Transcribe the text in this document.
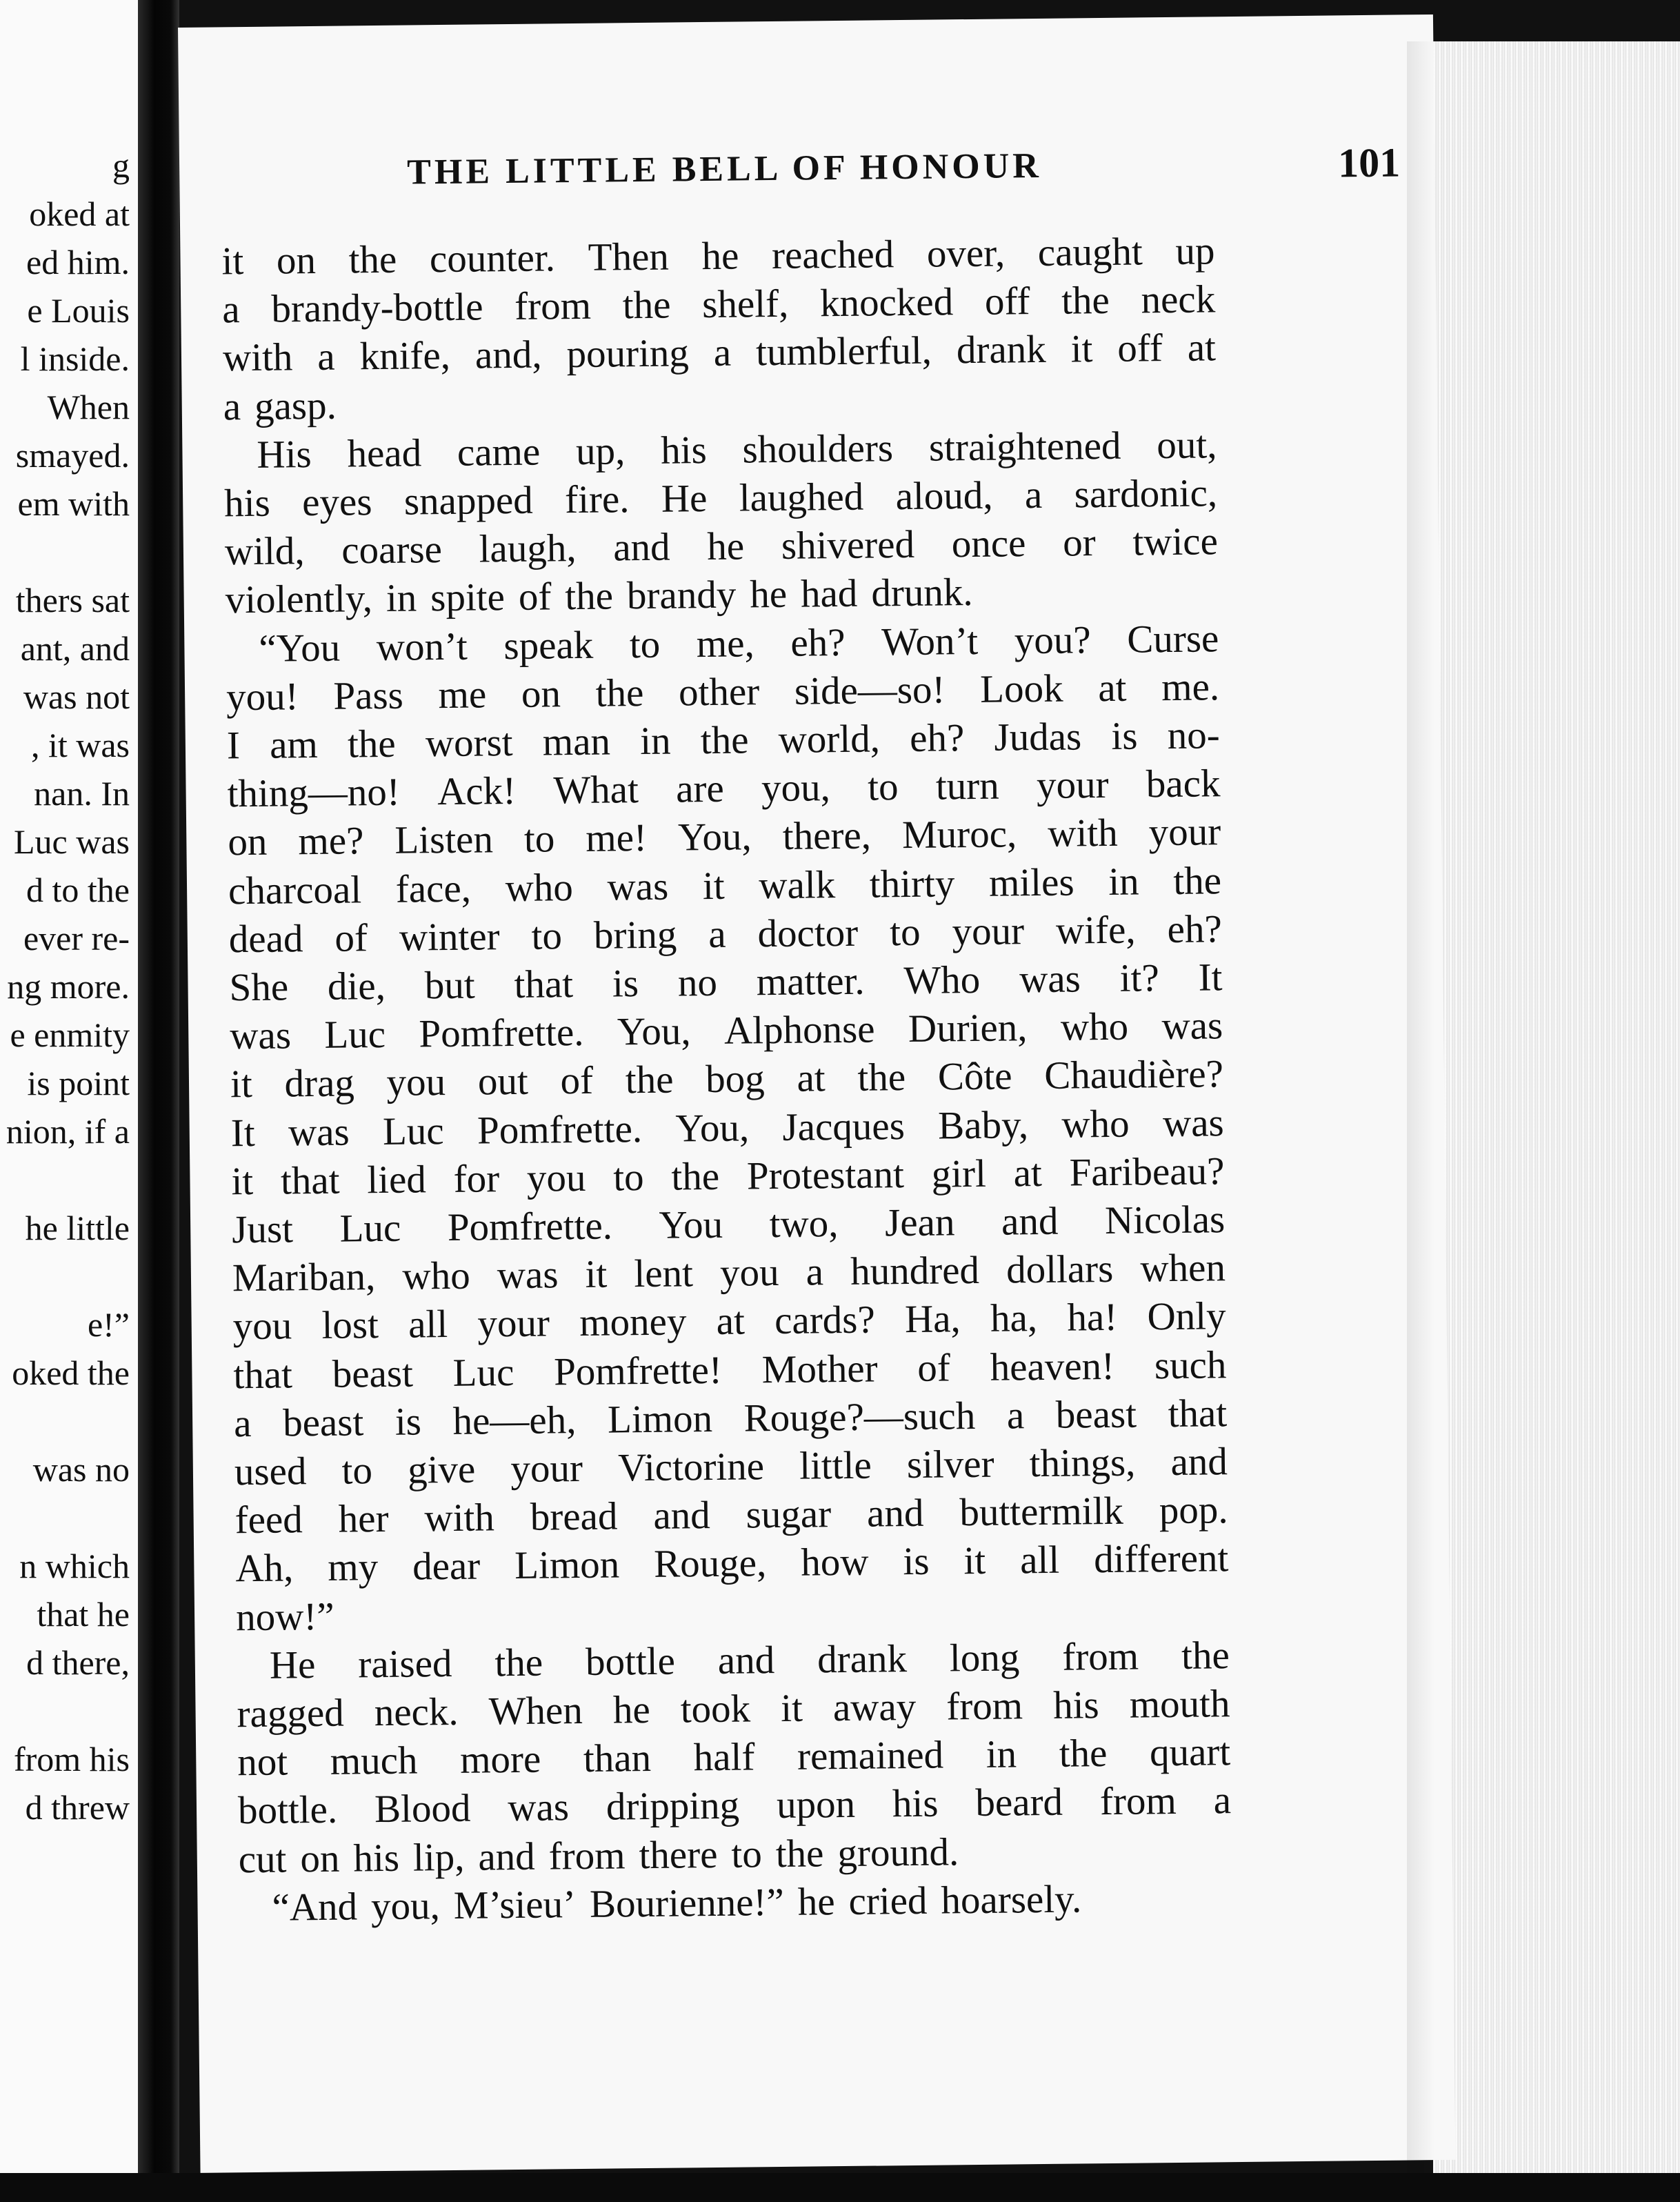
g
oked at
ed him.
e Louis
l inside.
When
smayed.
em with
thers sat
ant, and
was not
, it was
nan. In
Luc was
d to the
ever re-
ng more.
e enmity
is point
nion, if a
he little
e!”
oked the
was no
n which
that he
d there,
from his
d threw
THE LITTLE BELL OF HONOUR	101
it on the counter. Then he reached over, caught up
a brandy-bottle from the shelf, knocked off the neck
with a knife, and, pouring a tumblerful, drank it off at
a gasp.
His head came up, his shoulders straightened out,
his eyes snapped fire. He laughed aloud, a sardonic,
wild, coarse laugh, and he shivered once or twice
violently, in spite of the brandy he had drunk.
“You won’t speak to me, eh? Won’t you? Curse
you! Pass me on the other side—so! Look at me.
I am the worst man in the world, eh? Judas is no-
thing—no! Ack! What are you, to turn your back
on me? Listen to me! You, there, Muroc, with your
charcoal face, who was it walk thirty miles in the
dead of winter to bring a doctor to your wife, eh?
She die, but that is no matter. Who was it? It
was Luc Pomfrette. You, Alphonse Durien, who was
it drag you out of the bog at the Côte Chaudière?
It was Luc Pomfrette. You, Jacques Baby, who was
it that lied for you to the Protestant girl at Faribeau?
Just Luc Pomfrette. You two, Jean and Nicolas
Mariban, who was it lent you a hundred dollars when
you lost all your money at cards? Ha, ha, ha! Only
that beast Luc Pomfrette! Mother of heaven! such
a beast is he—eh, Limon Rouge?—such a beast that
used to give your Victorine little silver things, and
feed her with bread and sugar and buttermilk pop.
Ah, my dear Limon Rouge, how is it all different
now!”
He raised the bottle and drank long from the
ragged neck. When he took it away from his mouth
not much more than half remained in the quart
bottle. Blood was dripping upon his beard from a
cut on his lip, and from there to the ground.
“And you, M’sieu’ Bourienne!” he cried hoarsely.
